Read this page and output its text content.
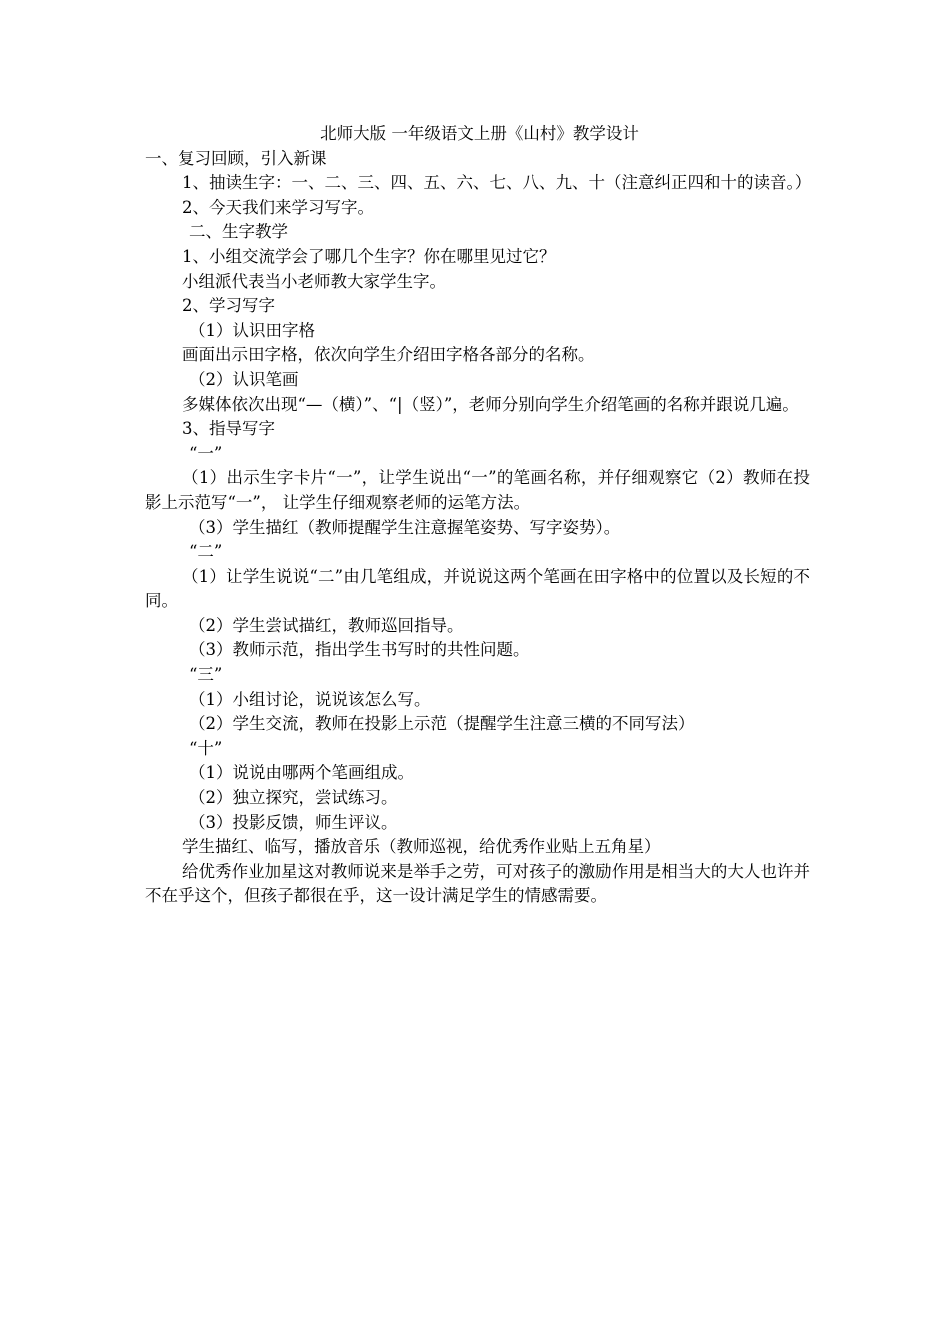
北师大版 一年级语文上册《山村》教学设计

一、复习回顾，引入新课

1、抽读生字：一、二、三、四、五、六、七、八、九、十（注意纠正四和十的读音。）

2、今天我们来学习写字。

二、生字教学

1、小组交流学会了哪几个生字？你在哪里见过它？

小组派代表当小老师教大家学生字。

2、学习写字

（1）认识田字格

画面出示田字格，依次向学生介绍田字格各部分的名称。

（2）认识笔画

多媒体依次出现“—（横）”、“|（竖）”，老师分别向学生介绍笔画的名称并跟说几遍。

3、指导写字

“一”

（1）出示生字卡片“一”，让学生说出“一”的笔画名称，并仔细观察它（2）教师在投影上示范写“一”， 让学生仔细观察老师的运笔方法。

（3）学生描红（教师提醒学生注意握笔姿势、写字姿势）。

“二”

（1）让学生说说“二”由几笔组成，并说说这两个笔画在田字格中的位置以及长短的不同。

（2）学生尝试描红，教师巡回指导。

（3）教师示范，指出学生书写时的共性问题。

“三”

（1）小组讨论，说说该怎么写。

（2）学生交流，教师在投影上示范（提醒学生注意三横的不同写法）

“十”

（1）说说由哪两个笔画组成。

（2）独立探究，尝试练习。

（3）投影反馈，师生评议。

学生描红、临写，播放音乐（教师巡视，给优秀作业贴上五角星）

给优秀作业加星这对教师说来是举手之劳，可对孩子的激励作用是相当大的大人也许并不在乎这个，但孩子都很在乎，这一设计满足学生的情感需要。
